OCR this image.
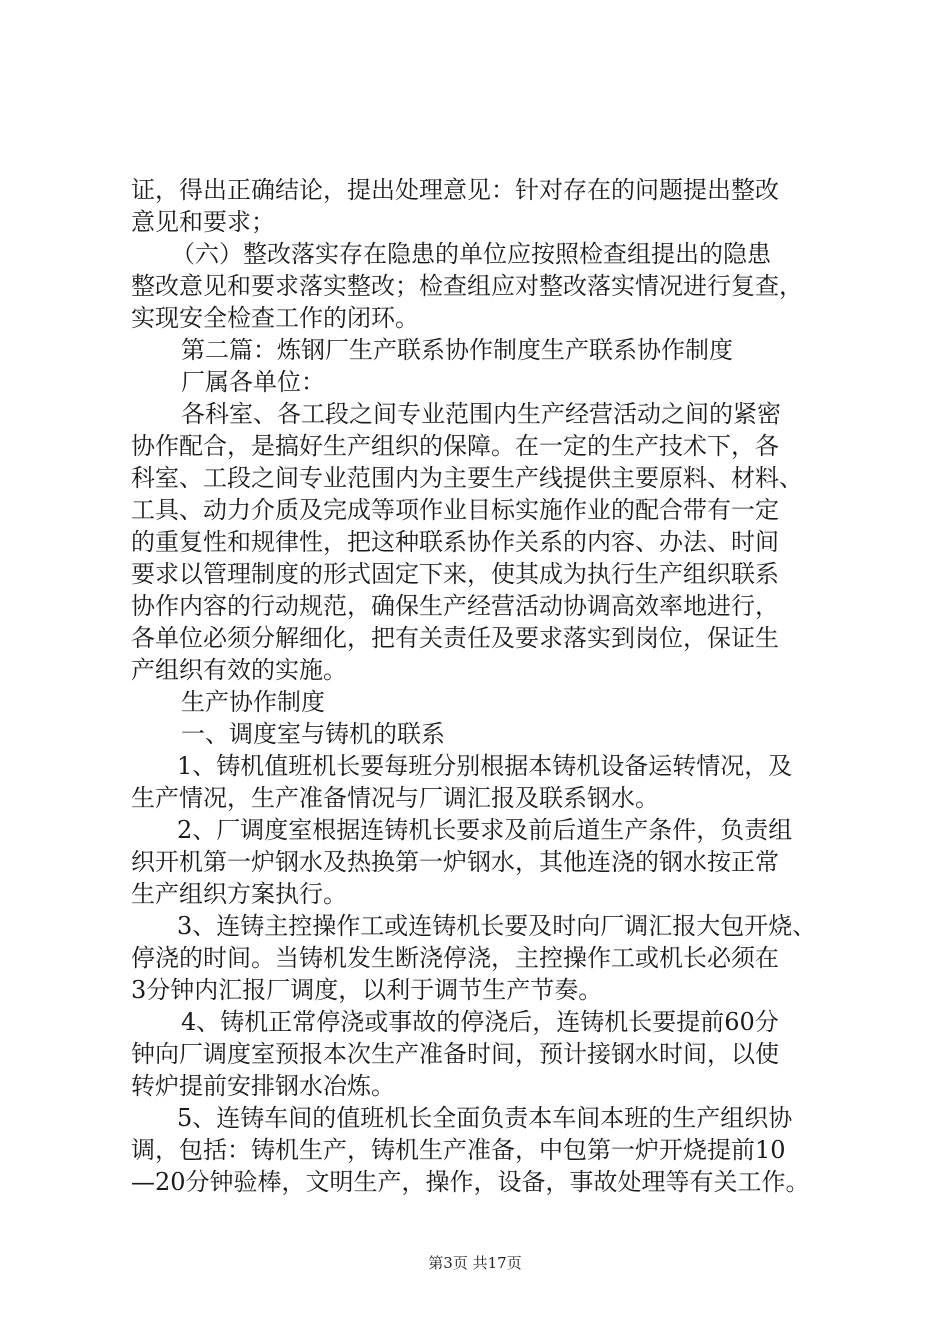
证，得出正确结论，提出处理意见：针对存在的问题提出整改
意见和要求；
（六）整改落实存在隐患的单位应按照检查组提出的隐患
整改意见和要求落实整改；检查组应对整改落实情况进行复查，
实现安全检查工作的闭环。
第二篇：炼钢厂生产联系协作制度生产联系协作制度
厂属各单位：
各科室、各工段之间专业范围内生产经营活动之间的紧密
协作配合，是搞好生产组织的保障。在一定的生产技术下，各
科室、工段之间专业范围内为主要生产线提供主要原料、材料、
工具、动力介质及完成等项作业目标实施作业的配合带有一定
的重复性和规律性，把这种联系协作关系的内容、办法、时间
要求以管理制度的形式固定下来，使其成为执行生产组织联系
协作内容的行动规范，确保生产经营活动协调高效率地进行，
各单位必须分解细化，把有关责任及要求落实到岗位，保证生
产组织有效的实施。
生产协作制度
一、调度室与铸机的联系
1、铸机值班机长要每班分别根据本铸机设备运转情况，及
生产情况，生产准备情况与厂调汇报及联系钢水。
2、厂调度室根据连铸机长要求及前后道生产条件，负责组
织开机第一炉钢水及热换第一炉钢水，其他连浇的钢水按正常
生产组织方案执行。
3、连铸主控操作工或连铸机长要及时向厂调汇报大包开烧、
停浇的时间。当铸机发生断浇停浇，主控操作工或机长必须在
3分钟内汇报厂调度，以利于调节生产节奏。
4、铸机正常停浇或事故的停浇后，连铸机长要提前60分
钟向厂调度室预报本次生产准备时间，预计接钢水时间，以使
转炉提前安排钢水冶炼。
5、连铸车间的值班机长全面负责本车间本班的生产组织协
调，包括：铸机生产，铸机生产准备，中包第一炉开烧提前10
—20分钟验棒，文明生产，操作，设备，事故处理等有关工作。
第3页 共17页
